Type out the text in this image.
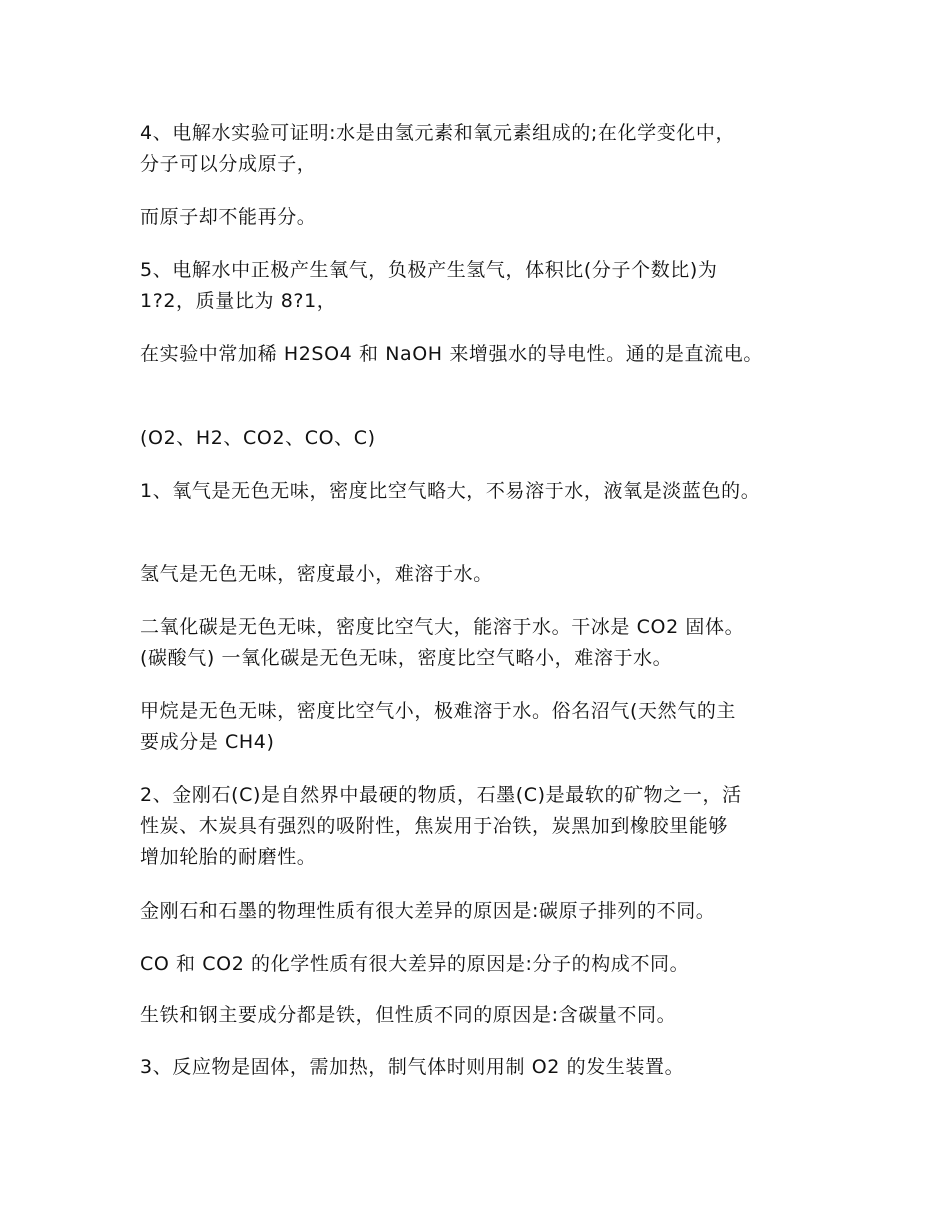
4、电解水实验可证明:水是由氢元素和氧元素组成的;在化学变化中，
分子可以分成原子，
而原子却不能再分。
5、电解水中正极产生氧气，负极产生氢气，体积比(分子个数比)为
1?2，质量比为 8?1，
在实验中常加稀 H2SO4 和 NaOH 来增强水的导电性。通的是直流电。
(O2、H2、CO2、CO、C)
1、氧气是无色无味，密度比空气略大，不易溶于水，液氧是淡蓝色的。
氢气是无色无味，密度最小，难溶于水。
二氧化碳是无色无味，密度比空气大，能溶于水。干冰是 CO2 固体。
(碳酸气) 一氧化碳是无色无味，密度比空气略小，难溶于水。
甲烷是无色无味，密度比空气小，极难溶于水。俗名沼气(天然气的主
要成分是 CH4)
2、金刚石(C)是自然界中最硬的物质，石墨(C)是最软的矿物之一，活
性炭、木炭具有强烈的吸附性，焦炭用于冶铁，炭黑加到橡胶里能够
增加轮胎的耐磨性。
金刚石和石墨的物理性质有很大差异的原因是:碳原子排列的不同。
CO 和 CO2 的化学性质有很大差异的原因是:分子的构成不同。
生铁和钢主要成分都是铁，但性质不同的原因是:含碳量不同。
3、反应物是固体，需加热，制气体时则用制 O2 的发生装置。
